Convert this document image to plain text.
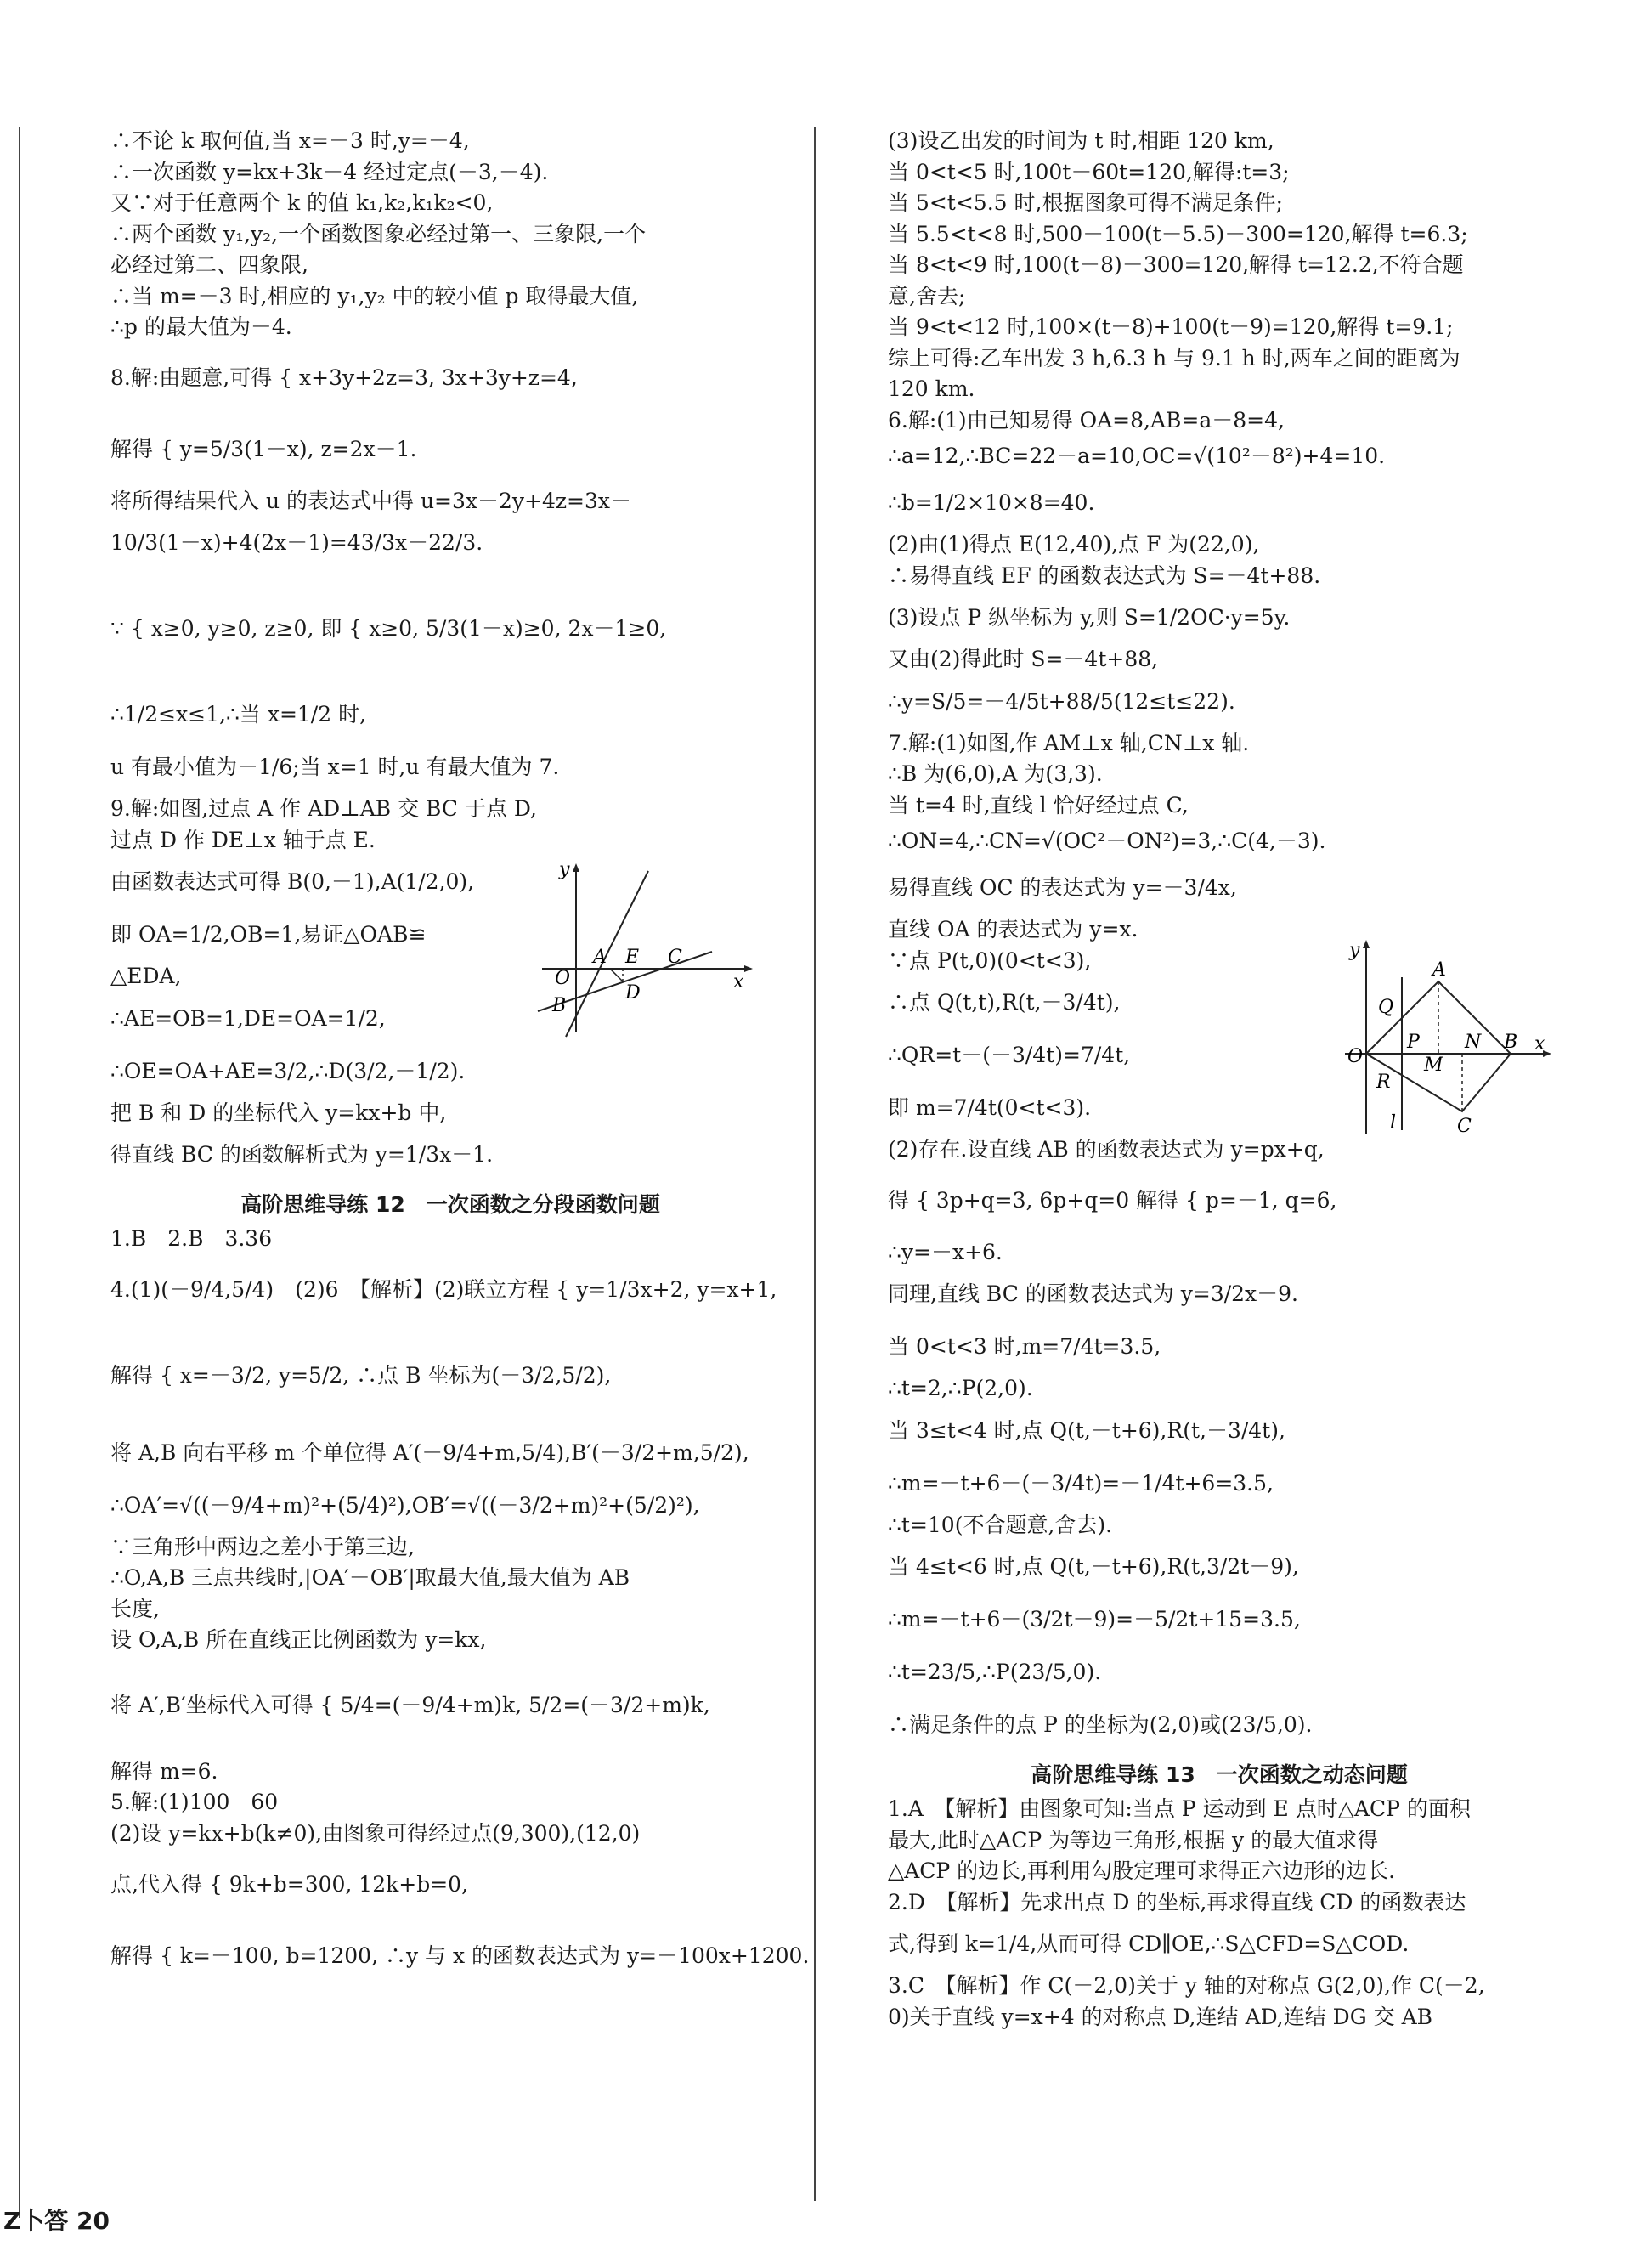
∴不论 k 取何值,当 x=－3 时,y=－4,
∴一次函数 y=kx+3k－4 经过定点(－3,－4).
又∵对于任意两个 k 的值 k₁,k₂,k₁k₂<0,
∴两个函数 y₁,y₂,一个函数图象必经过第一、三象限,一个
必经过第二、四象限,
∴当 m=－3 时,相应的 y₁,y₂ 中的较小值 p 取得最大值,
∴p 的最大值为－4.
8.解:由题意,可得 { x+3y+2z=3, 3x+3y+z=4,
解得 { y=5/3(1－x), z=2x－1.
将所得结果代入 u 的表达式中得 u=3x－2y+4z=3x－
10/3(1－x)+4(2x－1)=43/3x－22/3.
∵ { x≥0, y≥0, z≥0, 即 { x≥0, 5/3(1－x)≥0, 2x－1≥0,
∴1/2≤x≤1,∴当 x=1/2 时,
u 有最小值为－1/6;当 x=1 时,u 有最大值为 7.
9.解:如图,过点 A 作 AD⊥AB 交 BC 于点 D,
过点 D 作 DE⊥x 轴于点 E.
由函数表达式可得 B(0,－1),A(1/2,0),
即 OA=1/2,OB=1,易证△OAB≌
△EDA,
∴AE=OB=1,DE=OA=1/2,
∴OE=OA+AE=3/2,∴D(3/2,－1/2).
把 B 和 D 的坐标代入 y=kx+b 中,
得直线 BC 的函数解析式为 y=1/3x－1.
高阶思维导练 12　一次函数之分段函数问题
1.B　2.B　3.36
4.(1)(－9/4,5/4)　(2)6　【解析】(2)联立方程 { y=1/3x+2, y=x+1,
解得 { x=－3/2, y=5/2, ∴点 B 坐标为(－3/2,5/2),
将 A,B 向右平移 m 个单位得 A′(－9/4+m,5/4),B′(－3/2+m,5/2),
∴OA′=√((－9/4+m)²+(5/4)²),OB′=√((－3/2+m)²+(5/2)²),
∵三角形中两边之差小于第三边,
∴O,A,B 三点共线时,|OA′－OB′|取最大值,最大值为 AB
长度,
设 O,A,B 所在直线正比例函数为 y=kx,
将 A′,B′坐标代入可得 { 5/4=(－9/4+m)k, 5/2=(－3/2+m)k,
解得 m=6.
5.解:(1)100　60
(2)设 y=kx+b(k≠0),由图象可得经过点(9,300),(12,0)
点,代入得 { 9k+b=300, 12k+b=0,
解得 { k=－100, b=1200, ∴y 与 x 的函数表达式为 y=－100x+1200.
(3)设乙出发的时间为 t 时,相距 120 km,
当 0<t<5 时,100t－60t=120,解得:t=3;
当 5<t<5.5 时,根据图象可得不满足条件;
当 5.5<t<8 时,500－100(t－5.5)－300=120,解得 t=6.3;
当 8<t<9 时,100(t－8)－300=120,解得 t=12.2,不符合题
意,舍去;
当 9<t<12 时,100×(t－8)+100(t－9)=120,解得 t=9.1;
综上可得:乙车出发 3 h,6.3 h 与 9.1 h 时,两车之间的距离为
120 km.
6.解:(1)由已知易得 OA=8,AB=a－8=4,
∴a=12,∴BC=22－a=10,OC=√(10²－8²)+4=10.
∴b=1/2×10×8=40.
(2)由(1)得点 E(12,40),点 F 为(22,0),
∴易得直线 EF 的函数表达式为 S=－4t+88.
(3)设点 P 纵坐标为 y,则 S=1/2OC·y=5y.
又由(2)得此时 S=－4t+88,
∴y=S/5=－4/5t+88/5(12≤t≤22).
7.解:(1)如图,作 AM⊥x 轴,CN⊥x 轴.
∴B 为(6,0),A 为(3,3).
当 t=4 时,直线 l 恰好经过点 C,
∴ON=4,∴CN=√(OC²－ON²)=3,∴C(4,－3).
易得直线 OC 的表达式为 y=－3/4x,
直线 OA 的表达式为 y=x.
∵点 P(t,0)(0<t<3),
∴点 Q(t,t),R(t,－3/4t),
∴QR=t－(－3/4t)=7/4t,
即 m=7/4t(0<t<3).
(2)存在.设直线 AB 的函数表达式为 y=px+q,
得 { 3p+q=3, 6p+q=0 解得 { p=－1, q=6,
∴y=－x+6.
同理,直线 BC 的函数表达式为 y=3/2x－9.
当 0<t<3 时,m=7/4t=3.5,
∴t=2,∴P(2,0).
当 3≤t<4 时,点 Q(t,－t+6),R(t,－3/4t),
∴m=－t+6－(－3/4t)=－1/4t+6=3.5,
∴t=10(不合题意,舍去).
当 4≤t<6 时,点 Q(t,－t+6),R(t,3/2t－9),
∴m=－t+6－(3/2t－9)=－5/2t+15=3.5,
∴t=23/5,∴P(23/5,0).
∴满足条件的点 P 的坐标为(2,0)或(23/5,0).
高阶思维导练 13　一次函数之动态问题
1.A　【解析】由图象可知:当点 P 运动到 E 点时△ACP 的面积
最大,此时△ACP 为等边三角形,根据 y 的最大值求得
△ACP 的边长,再利用勾股定理可求得正六边形的边长.
2.D　【解析】先求出点 D 的坐标,再求得直线 CD 的函数表达
式,得到 k=1/4,从而可得 CD∥OE,∴S△CFD=S△COD.
3.C　【解析】作 C(－2,0)关于 y 轴的对称点 G(2,0),作 C(－2,
0)关于直线 y=x+4 的对称点 D,连结 AD,连结 DG 交 AB
y
A E C
O	x
D
B
y
A
Q
P
M
N B x
O
R
l	C
Z卜答 20
